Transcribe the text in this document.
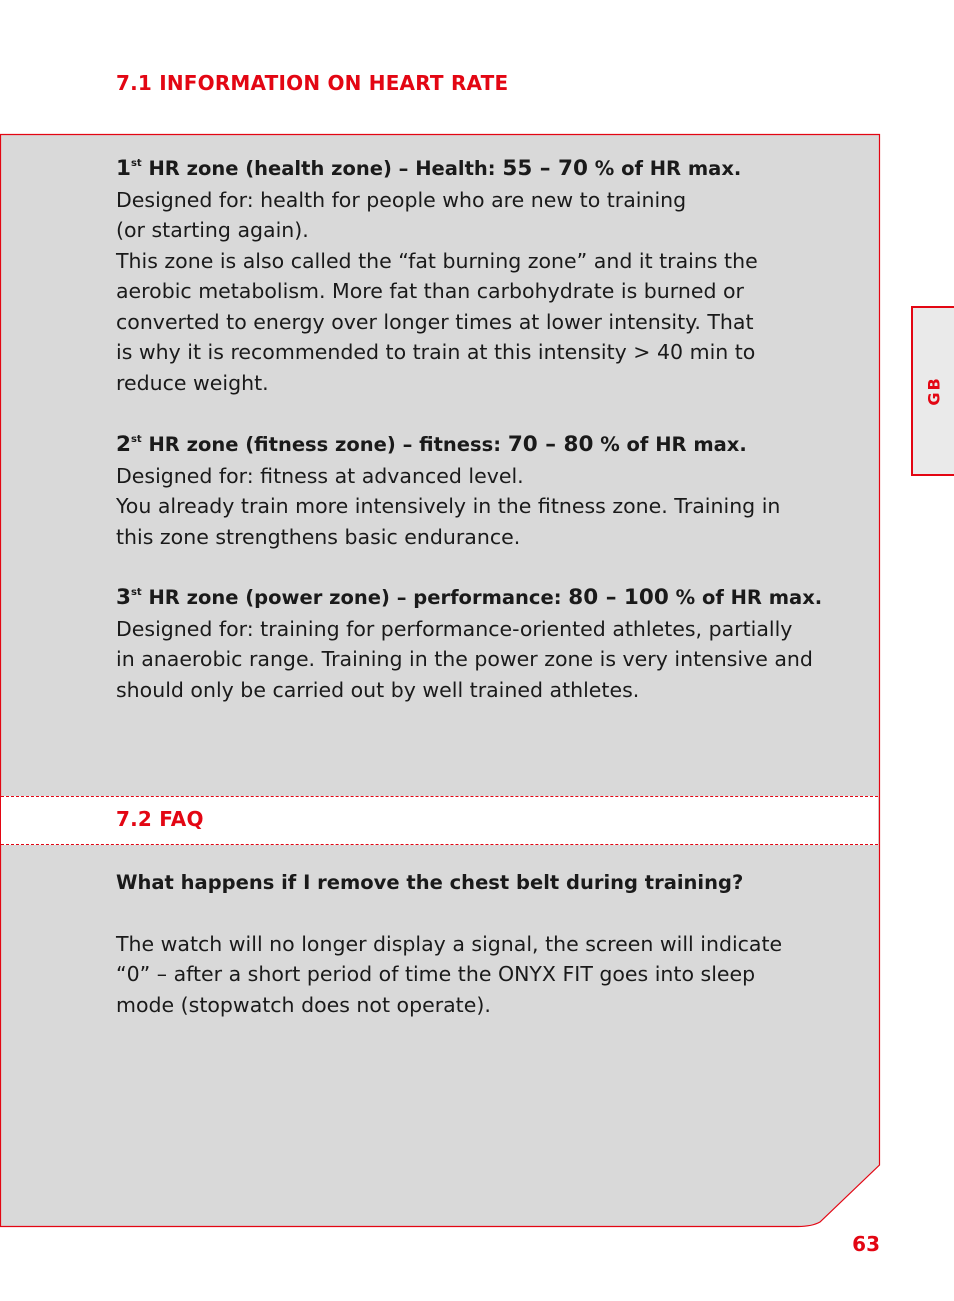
7.1 INFORMATION ON HEART RATE

1st HR zone (health zone) – Health: 55 – 70 % of HR max.

Designed for: health for people who are new to training

(or starting again).

This zone is also called the “fat burning zone” and it trains the aerobic metabolism. More fat than carbohydrate is burned or converted to energy over longer times at lower intensity. That is why it is recommended to train at this intensity > 40 min to reduce weight.

2st HR zone (fitness zone) – fitness: 70 – 80 % of HR max.

Designed for: fitness at advanced level.

You already train more intensively in the fitness zone. Training in this zone strengthens basic endurance.

3st HR zone (power zone) – performance: 80 – 100 % of HR max.

Designed for: training for performance-oriented athletes, partially in anaerobic range. Training in the power zone is very intensive and should only be carried out by well trained athletes.

7.2 FAQ

What happens if I remove the chest belt during training?

The watch will no longer display a signal, the screen will indicate “0” – after a short period of time the ONYX FIT goes into sleep mode (stopwatch does not operate).

GB
63
